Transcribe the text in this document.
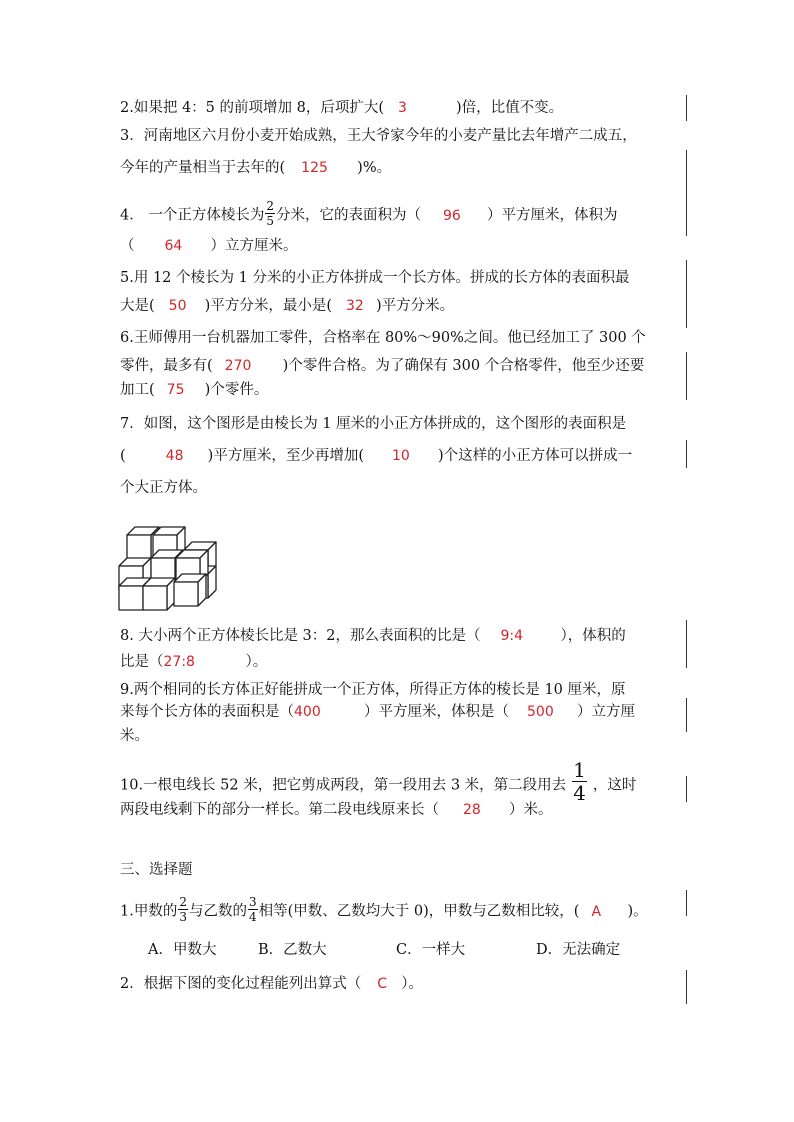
2.如果把 4：5 的前项增加 8，后项扩大( 3	)倍，比值不变。
3．河南地区六月份小麦开始成熟，王大爷家今年的小麦产量比去年增产二成五，
今年的产量相当于去年的( 125 )%。
4． 一个正方体棱长为 $\frac{2}{5}$ 分米，它的表面积为（ 96 ）平方厘米，体积为
（ 64 ）立方厘米。
5.用 12 个棱长为 1 分米的小正方体拼成一个长方体。拼成的长方体的表面积最
大是( 50 )平方分米，最小是( 32 )平方分米。
6.王师傅用一台机器加工零件，合格率在 80%～90%之间。他已经加工了 300 个
零件，最多有( 270 )个零件合格。为了确保有 300 个合格零件，他至少还要
加工( 75 )个零件。
7．如图，这个图形是由棱长为 1 厘米的小正方体拼成的，这个图形的表面积是
(	48 )平方厘米，至少再增加( 10 )个这样的小正方体可以拼成一
个大正方体。
8. 大小两个正方体棱长比是 3：2，那么表面积的比是（ 9:4	），体积的
比是（27:8	）。
9.两个相同的长方体正好能拼成一个正方体，所得正方体的棱长是 10 厘米，原
来每个长方体的表面积是（400	）平方厘米，体积是（ 500 ）立方厘
米。
10.一根电线长 52 米，把它剪成两段，第一段用去 3 米，第二段用去 $\frac{1}{4}$ ，这时
两段电线剩下的部分一样长。第二段电线原来长（ 28 ）米。
三、选择题
1.甲数的 $\frac{2}{3}$ 与乙数的 $\frac{3}{4}$ 相等(甲数、乙数均大于 0)，甲数与乙数相比较，( A )。
A．甲数大	B．乙数大	C．一样大	D．无法确定
2．根据下图的变化过程能列出算式（ C ）。
